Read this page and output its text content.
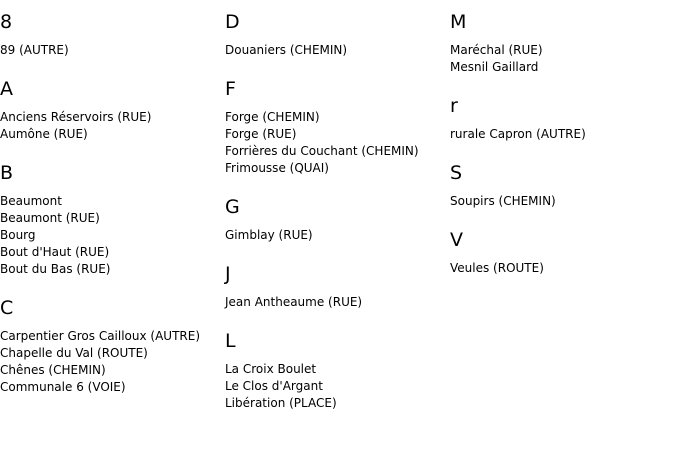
8
89 (AUTRE)
A
Anciens Réservoirs (RUE)
Aumône (RUE)
B
Beaumont
Beaumont (RUE)
Bourg
Bout d'Haut (RUE)
Bout du Bas (RUE)
C
Carpentier Gros Cailloux (AUTRE)
Chapelle du Val (ROUTE)
Chênes (CHEMIN)
Communale 6 (VOIE)
D
Douaniers (CHEMIN)
F
Forge (CHEMIN)
Forge (RUE)
Forrières du Couchant (CHEMIN)
Frimousse (QUAI)
G
Gimblay (RUE)
J
Jean Antheaume (RUE)
L
La Croix Boulet
Le Clos d'Argant
Libération (PLACE)
M
Maréchal (RUE)
Mesnil Gaillard
r
rurale Capron (AUTRE)
S
Soupirs (CHEMIN)
V
Veules (ROUTE)
